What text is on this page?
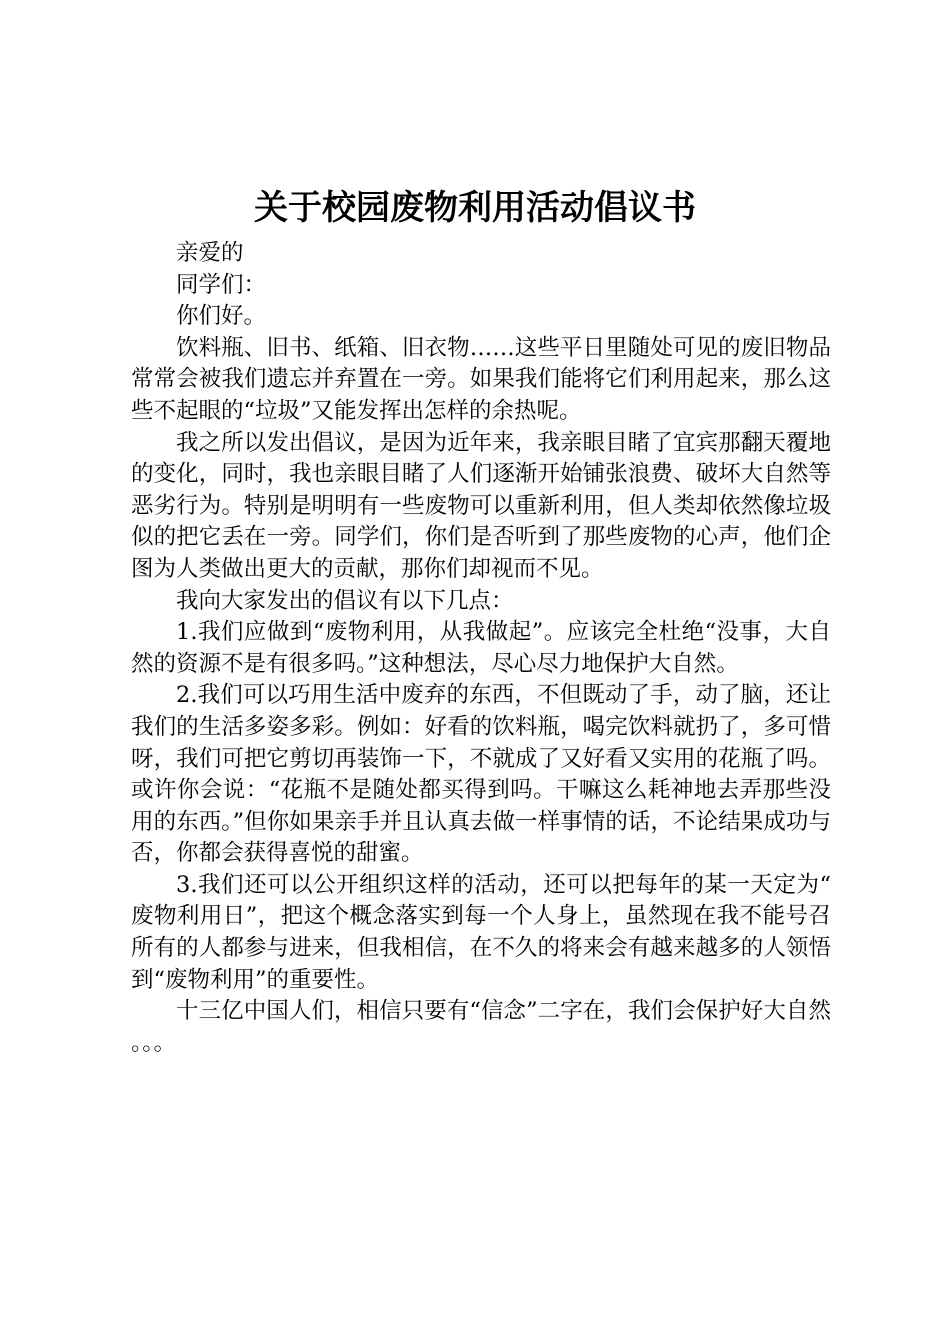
关于校园废物利用活动倡议书

亲爱的

同学们：

你们好。

饮料瓶、旧书、纸箱、旧衣物……这些平日里随处可见的废旧物品常常会被我们遗忘并弃置在一旁。如果我们能将它们利用起来，那么这些不起眼的“垃圾”又能发挥出怎样的余热呢。

我之所以发出倡议，是因为近年来，我亲眼目睹了宜宾那翻天覆地的变化，同时，我也亲眼目睹了人们逐渐开始铺张浪费、破坏大自然等恶劣行为。特别是明明有一些废物可以重新利用，但人类却依然像垃圾似的把它丢在一旁。同学们，你们是否听到了那些废物的心声，他们企图为人类做出更大的贡献，那你们却视而不见。

我向大家发出的倡议有以下几点：

1.我们应做到“废物利用，从我做起”。应该完全杜绝“没事，大自然的资源不是有很多吗。”这种想法，尽心尽力地保护大自然。

2.我们可以巧用生活中废弃的东西，不但既动了手，动了脑，还让我们的生活多姿多彩。例如：好看的饮料瓶，喝完饮料就扔了，多可惜呀，我们可把它剪切再装饰一下，不就成了又好看又实用的花瓶了吗。或许你会说：“花瓶不是随处都买得到吗。干嘛这么耗神地去弄那些没用的东西。”但你如果亲手并且认真去做一样事情的话，不论结果成功与否，你都会获得喜悦的甜蜜。

3.我们还可以公开组织这样的活动，还可以把每年的某一天定为“废物利用日”，把这个概念落实到每一个人身上，虽然现在我不能号召所有的人都参与进来，但我相信，在不久的将来会有越来越多的人领悟到“废物利用”的重要性。

十三亿中国人们，相信只要有“信念”二字在，我们会保护好大自然。。。
